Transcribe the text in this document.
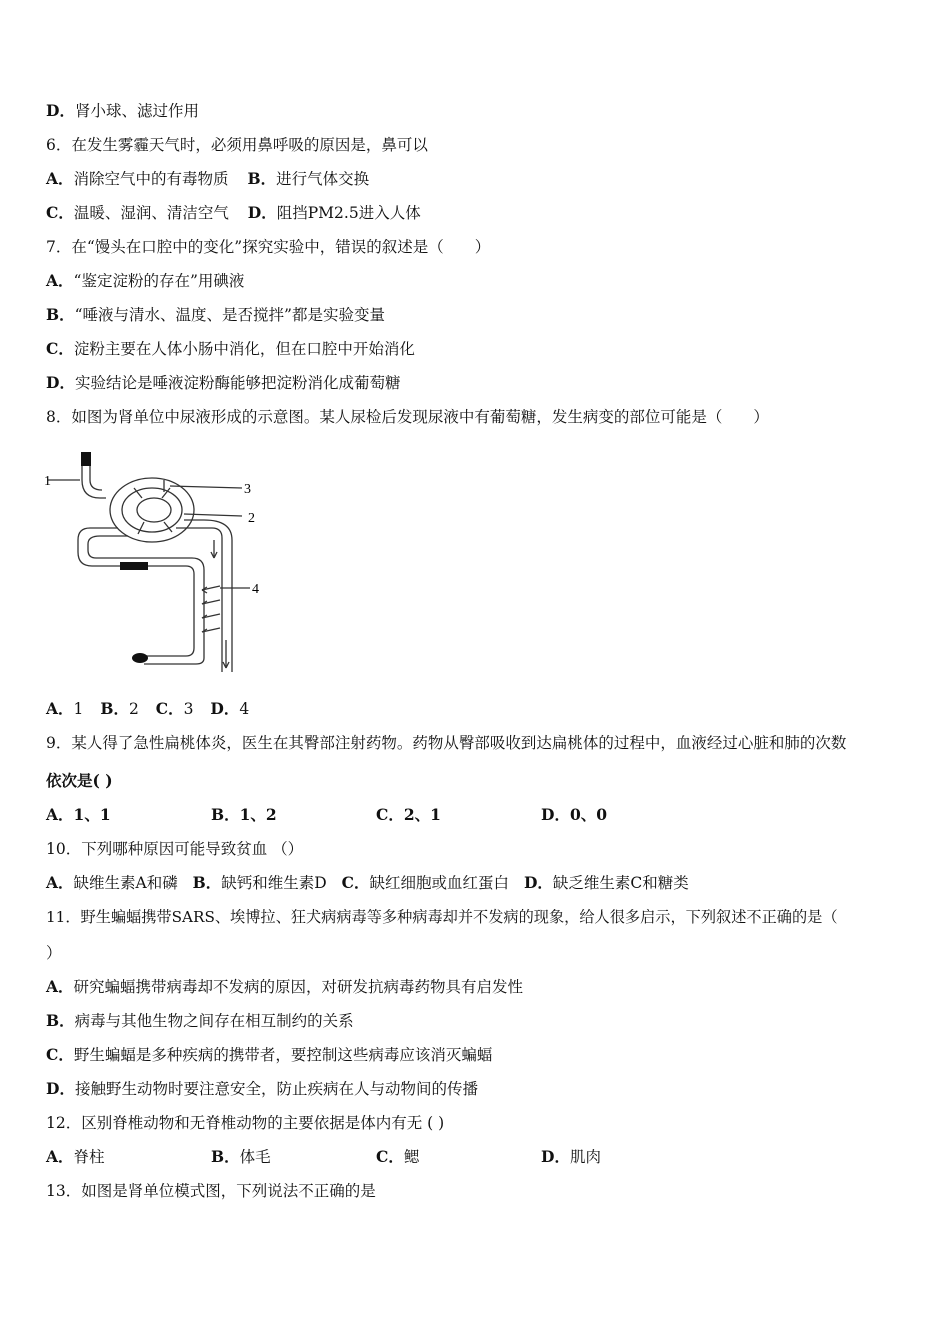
D．肾小球、滤过作用
6．在发生雾霾天气时，必须用鼻呼吸的原因是，鼻可以
A．消除空气中的有毒物质 B．进行气体交换
C．温暖、湿润、清洁空气 D．阻挡PM2.5进入人体
7．在“馒头在口腔中的变化”探究实验中，错误的叙述是（　　）
A．“鉴定淀粉的存在”用碘液
B．“唾液与清水、温度、是否搅拌”都是实验变量
C．淀粉主要在人体小肠中消化，但在口腔中开始消化
D．实验结论是唾液淀粉酶能够把淀粉消化成葡萄糖
8．如图为肾单位中尿液形成的示意图。某人尿检后发现尿液中有葡萄糖，发生病变的部位可能是（　　）
1
2
3
4
A．1 B．2 C．3 D．4
9．某人得了急性扁桃体炎，医生在其臀部注射药物。药物从臀部吸收到达扁桃体的过程中，血液经过心脏和肺的次数
依次是( )
A．1、1	B．1、2	C．2、1	D．0、0
10．下列哪种原因可能导致贫血 （）
A．缺维生素A和磷 B．缺钙和维生素D C．缺红细胞或血红蛋白 D．缺乏维生素C和糖类
11．野生蝙蝠携带SARS、埃博拉、狂犬病病毒等多种病毒却并不发病的现象，给人很多启示，下列叙述不正确的是（
）
A．研究蝙蝠携带病毒却不发病的原因，对研发抗病毒药物具有启发性
B．病毒与其他生物之间存在相互制约的关系
C．野生蝙蝠是多种疾病的携带者，要控制这些病毒应该消灭蝙蝠
D．接触野生动物时要注意安全，防止疾病在人与动物间的传播
12．区别脊椎动物和无脊椎动物的主要依据是体内有无 ( )
A．脊柱	B．体毛	C．鳃	D．肌肉
13．如图是肾单位模式图，下列说法不正确的是
